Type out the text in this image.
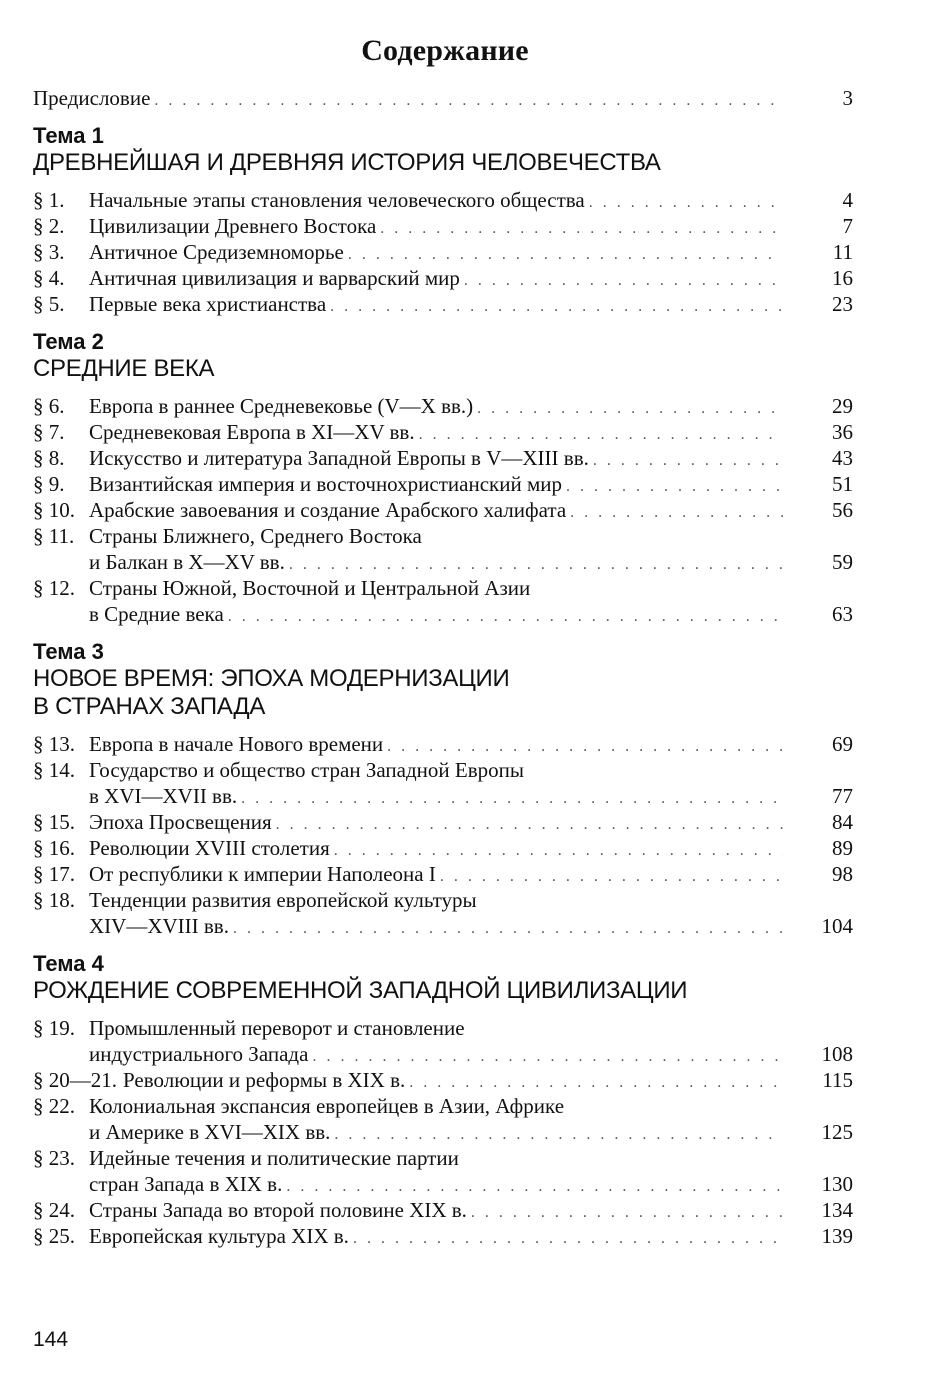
Содержание
Предисловие . . .	3
Тема 1
ДРЕВНЕЙШАЯ И ДРЕВНЯЯ ИСТОРИЯ ЧЕЛОВЕЧЕСТВА
§ 1.	Начальные этапы становления человеческого общества . . .	4
§ 2.	Цивилизации Древнего Востока . . .	7
§ 3.	Античное Средиземноморье . . .	11
§ 4.	Античная цивилизация и варварский мир . . .	16
§ 5.	Первые века христианства . . .	23
Тема 2
СРЕДНИЕ ВЕКА
§ 6.	Европа в раннее Средневековье (V—X вв.) . . .	29
§ 7.	Средневековая Европа в XI—XV вв. . . .	36
§ 8.	Искусство и литература Западной Европы в V—XIII вв. . . .	43
§ 9.	Византийская империя и восточнохристианский мир . . .	51
§ 10. Арабские завоевания и создание Арабского халифата . . .	56
§ 11. Страны Ближнего, Среднего Востока
и Балкан в X—XV вв. . . .	59
§ 12. Страны Южной, Восточной и Центральной Азии
в Средние века . . .	63
Тема 3
НОВОЕ ВРЕМЯ: ЭПОХА МОДЕРНИЗАЦИИ
В СТРАНАХ ЗАПАДА
§ 13. Европа в начале Нового времени . . .	69
§ 14. Государство и общество стран Западной Европы
в XVI—XVII вв. . . .	77
§ 15. Эпоха Просвещения . . .	84
§ 16. Революции XVIII столетия . . .	89
§ 17. От республики к империи Наполеона I . . .	98
§ 18. Тенденции развития европейской культуры
XIV—XVIII вв. . . .	104
Тема 4
РОЖДЕНИЕ СОВРЕМЕННОЙ ЗАПАДНОЙ ЦИВИЛИЗАЦИИ
§ 19. Промышленный переворот и становление
индустриального Запада . . .	108
§ 20—21. Революции и реформы в XIX в. . . .	115
§ 22. Колониальная экспансия европейцев в Азии, Африке
и Америке в XVI—XIX вв. . . .	125
§ 23. Идейные течения и политические партии
стран Запада в XIX в. . . .	130
§ 24. Страны Запада во второй половине XIX в. . . .	134
§ 25. Европейская культура XIX в. . . .	139
144
